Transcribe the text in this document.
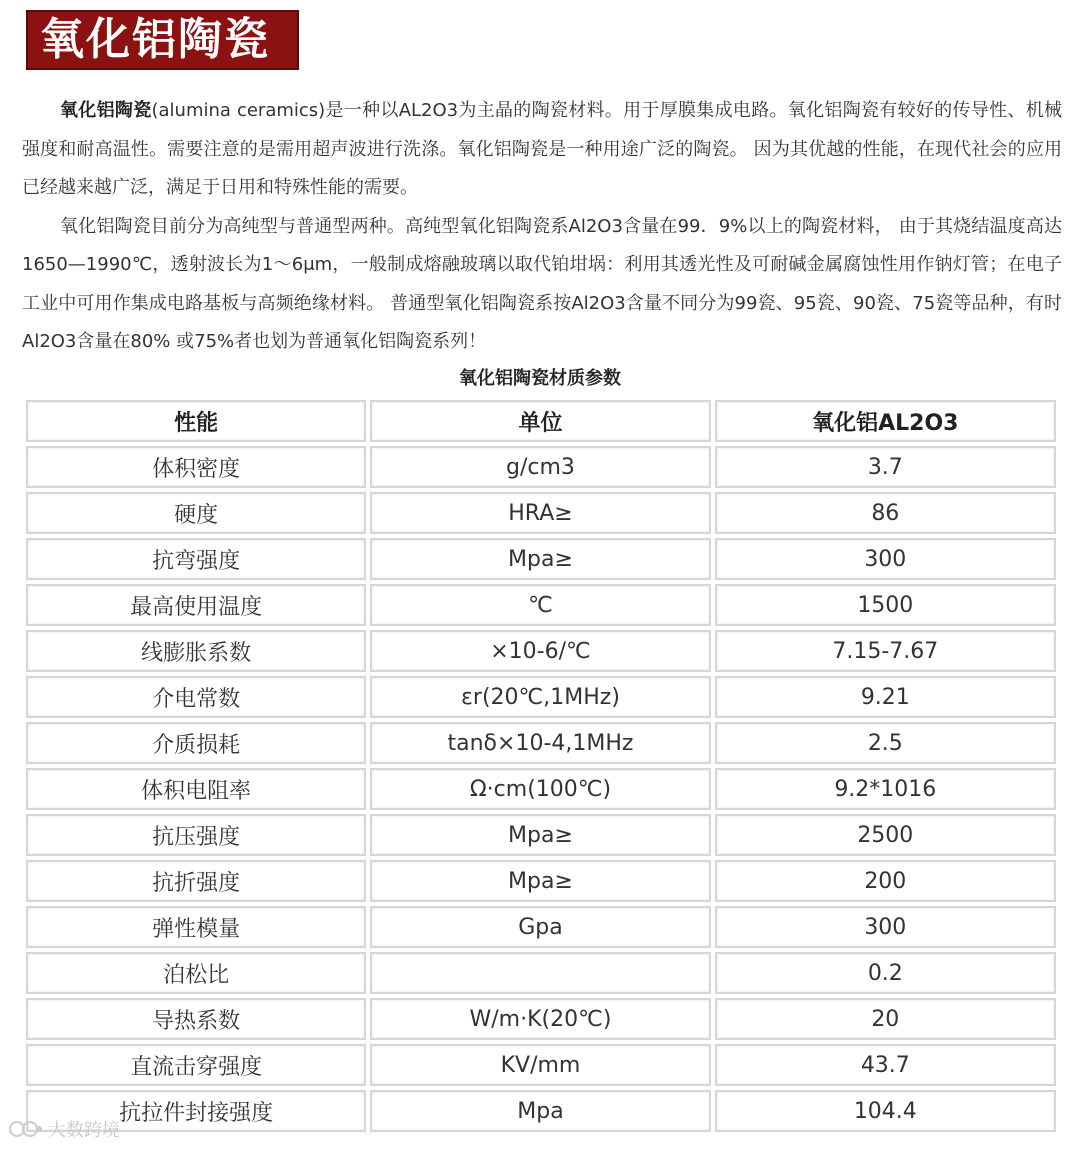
氧化铝陶瓷

氧化铝陶瓷(alumina ceramics)是一种以AL2O3为主晶的陶瓷材料。用于厚膜集成电路。氧化铝陶瓷有较好的传导性、机械强度和耐高温性。需要注意的是需用超声波进行洗涤。氧化铝陶瓷是一种用途广泛的陶瓷。 因为其优越的性能，在现代社会的应用已经越来越广泛，满足于日用和特殊性能的需要。

氧化铝陶瓷目前分为高纯型与普通型两种。高纯型氧化铝陶瓷系Al2O3含量在99．9%以上的陶瓷材料， 由于其烧结温度高达1650—1990℃，透射波长为1～6μm，一般制成熔融玻璃以取代铂坩埚：利用其透光性及可耐碱金属腐蚀性用作钠灯管；在电子工业中可用作集成电路基板与高频绝缘材料。 普通型氧化铝陶瓷系按Al2O3含量不同分为99瓷、95瓷、90瓷、75瓷等品种，有时Al2O3含量在80% 或75%者也划为普通氧化铝陶瓷系列！

氧化铝陶瓷材质参数
性能	单位	氧化铝AL2O3
体积密度	g/cm3	3.7
硬度	HRA≥	86
抗弯强度	Mpa≥	300
最高使用温度	℃	1500
线膨胀系数	×10-6/℃	7.15-7.67
介电常数	εr(20℃,1MHz)	9.21
介质损耗	tanδ×10-4,1MHz	2.5
体积电阻率	Ω·cm(100℃)	9.2*1016
抗压强度	Mpa≥	2500
抗折强度	Mpa≥	200
弹性模量	Gpa	300
泊松比		0.2
导热系数	W/m·K(20℃)	20
直流击穿强度	KV/mm	43.7
抗拉件封接强度	Mpa	104.4
大数跨境
